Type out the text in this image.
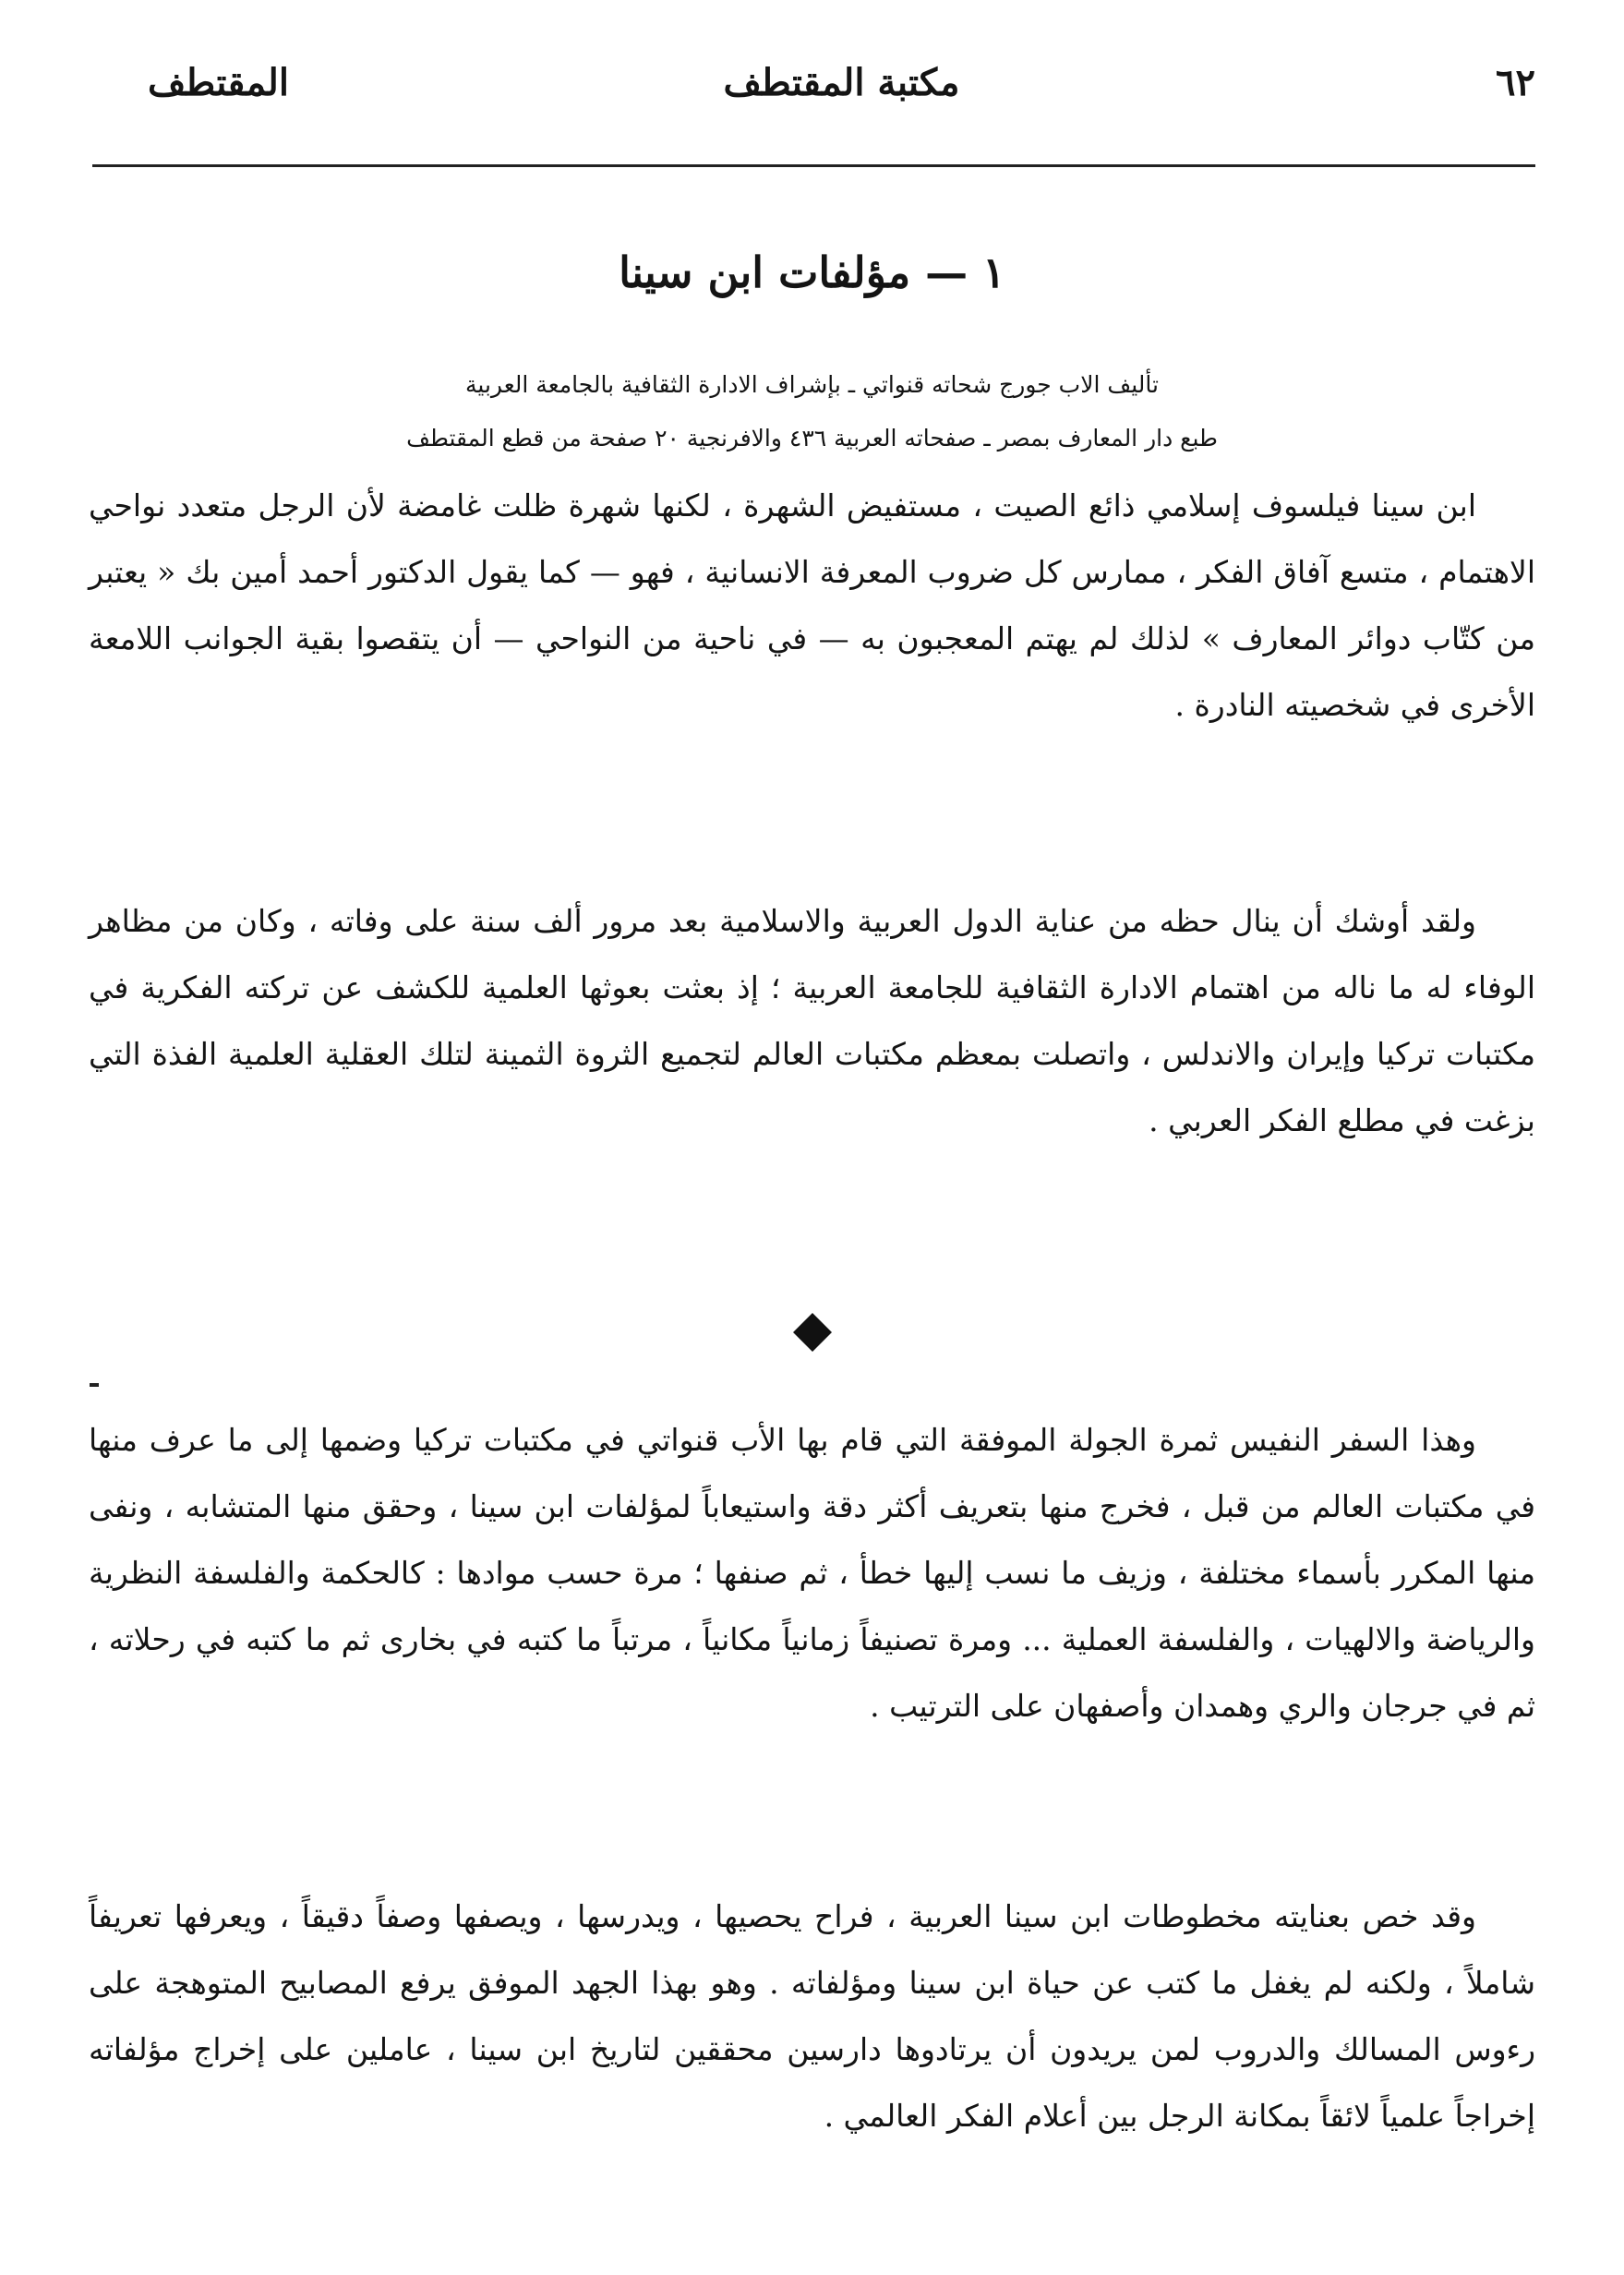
٦٢
مكتبة المقتطف
المقتطف
١ — مؤلفات ابن سينا
تأليف الاب جورج شحاته قنواتي ـ بإشراف الادارة الثقافية بالجامعة العربية
طبع دار المعارف بمصر ـ صفحاته العربية ٤٣٦ والافرنجية ٢٠ صفحة من قطع المقتطف

ابن سينا فيلسوف إسلامي ذائع الصيت ، مستفيض الشهرة ، لكنها شهرة ظلت غامضة لأن الرجل متعدد نواحي الاهتمام ، متسع آفاق الفكر ، ممارس كل ضروب المعرفة الانسانية ، فهو — كما يقول الدكتور أحمد أمين بك « يعتبر من كتّاب دوائر المعارف » لذلك لم يهتم المعجبون به — في ناحية من النواحي — أن يتقصوا بقية الجوانب اللامعة الأخرى في شخصيته النادرة .

ولقد أوشك أن ينال حظه من عناية الدول العربية والاسلامية بعد مرور ألف سنة على وفاته ، وكان من مظاهر الوفاء له ما ناله من اهتمام الادارة الثقافية للجامعة العربية ؛ إذ بعثت بعوثها العلمية للكشف عن تركته الفكرية في مكتبات تركيا وإيران والاندلس ، واتصلت بمعظم مكتبات العالم لتجميع الثروة الثمينة لتلك العقلية العلمية الفذة التي بزغت في مطلع الفكر العربي .

وهذا السفر النفيس ثمرة الجولة الموفقة التي قام بها الأب قنواتي في مكتبات تركيا وضمها إلى ما عرف منها في مكتبات العالم من قبل ، فخرج منها بتعريف أكثر دقة واستيعاباً لمؤلفات ابن سينا ، وحقق منها المتشابه ، ونفى منها المكرر بأسماء مختلفة ، وزيف ما نسب إليها خطأ ، ثم صنفها ؛ مرة حسب موادها : كالحكمة والفلسفة النظرية والرياضة والالهيات ، والفلسفة العملية ... ومرة تصنيفاً زمانياً مكانياً ، مرتباً ما كتبه في بخارى ثم ما كتبه في رحلاته ، ثم في جرجان والري وهمدان وأصفهان على الترتيب .

وقد خص بعنايته مخطوطات ابن سينا العربية ، فراح يحصيها ، ويدرسها ، ويصفها وصفاً دقيقاً ، ويعرفها تعريفاً شاملاً ، ولكنه لم يغفل ما كتب عن حياة ابن سينا ومؤلفاته . وهو بهذا الجهد الموفق يرفع المصابيح المتوهجة على رءوس المسالك والدروب لمن يريدون أن يرتادوها دارسين محققين لتاريخ ابن سينا ، عاملين على إخراج مؤلفاته إخراجاً علمياً لائقاً بمكانة الرجل بين أعلام الفكر العالمي .
